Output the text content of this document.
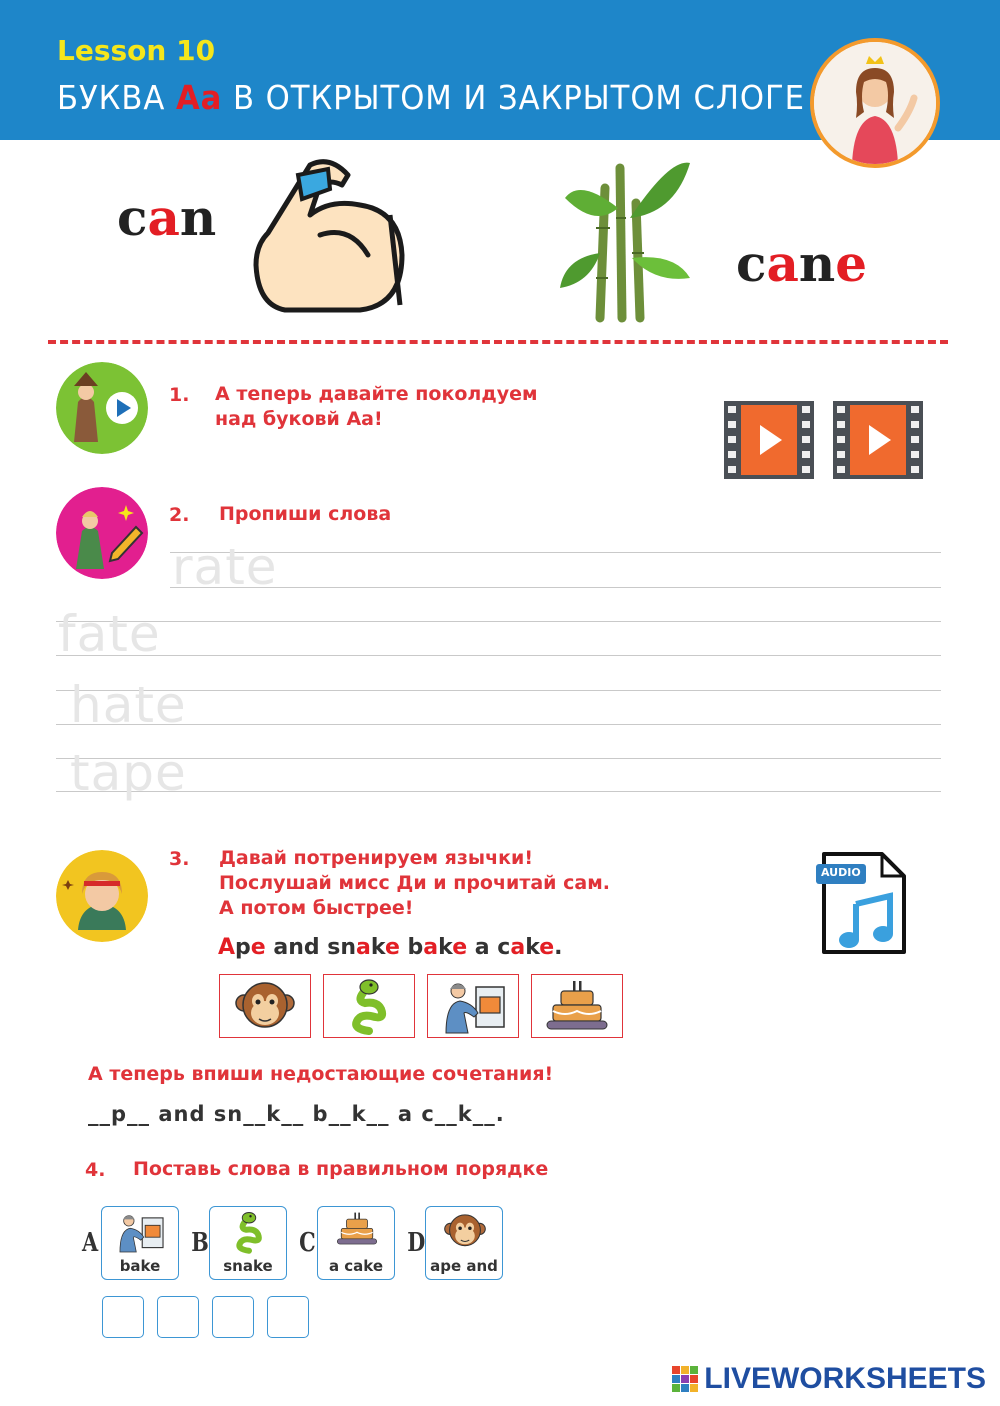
Lesson 10
БУКВА Aa В ОТКРЫТОМ И ЗАКРЫТОМ СЛОГЕ
can
cane
1. А теперь давайте поколдуем
над буковй Аа!
2. Пропиши слова
rate
fate
hate
tape
3. Давай потренируем язычки!
Послушай мисс Ди и прочитай сам.
А потом быстрее!
AUDIO
Ape and snake bake a cake.
А теперь впиши недостающие сочетания!
__p__ and sn__k__ b__k__ a c__k__.
4. Поставь слова в правильном порядке
A
bake
B
snake
C
a cake
D
ape and
LIVEWORKSHEETS
